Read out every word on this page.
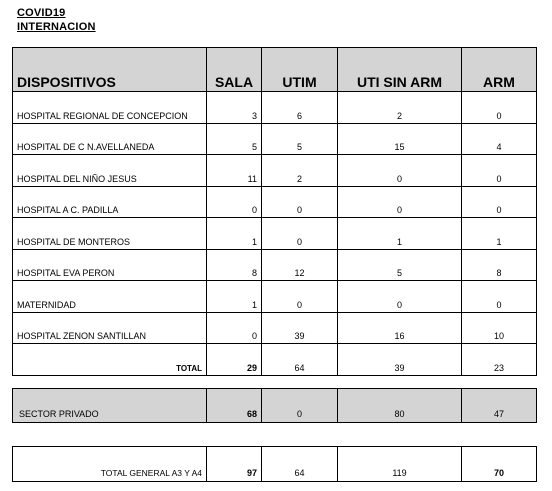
COVID19
INTERNACION
DISPOSITIVOS	SALA	UTIM	UTI SIN ARM	ARM
HOSPITAL REGIONAL DE CONCEPCION	3	6	2	0
HOSPITAL DE C N.AVELLANEDA	5	5	15	4
HOSPITAL DEL NIÑO JESUS	11	2	0	0
HOSPITAL A C. PADILLA	0	0	0	0
HOSPITAL DE MONTEROS	1	0	1	1
HOSPITAL EVA PERON	8	12	5	8
MATERNIDAD	1	0	0	0
HOSPITAL ZENON SANTILLAN	0	39	16	10
TOTAL	29	64	39	23
SECTOR PRIVADO	68	0	80	47
TOTAL GENERAL A3 Y A4	97	64	119	70
